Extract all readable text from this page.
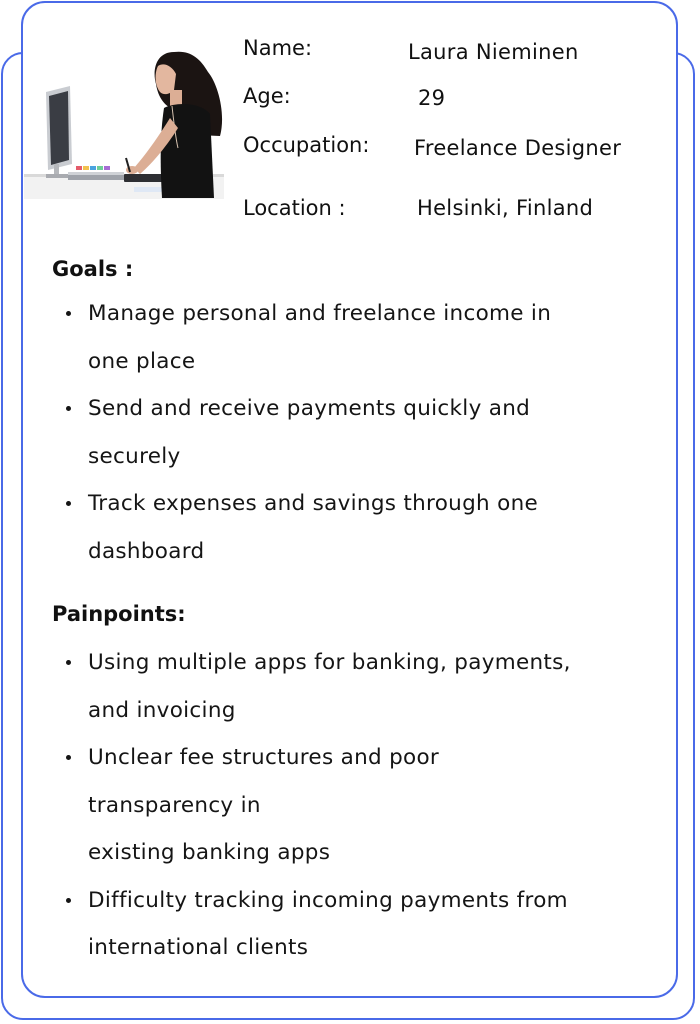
Name:	Laura Nieminen
Age:	29
Occupation: Freelance Designer
Location :	Helsinki, Finland
Goals :
Manage personal and freelance income in
one place
Send and receive payments quickly and
securely
Track expenses and savings through one
dashboard
Painpoints:
Using multiple apps for banking, payments,
and invoicing
Unclear fee structures and poor
transparency in
existing banking apps
Difficulty tracking incoming payments from
international clients
